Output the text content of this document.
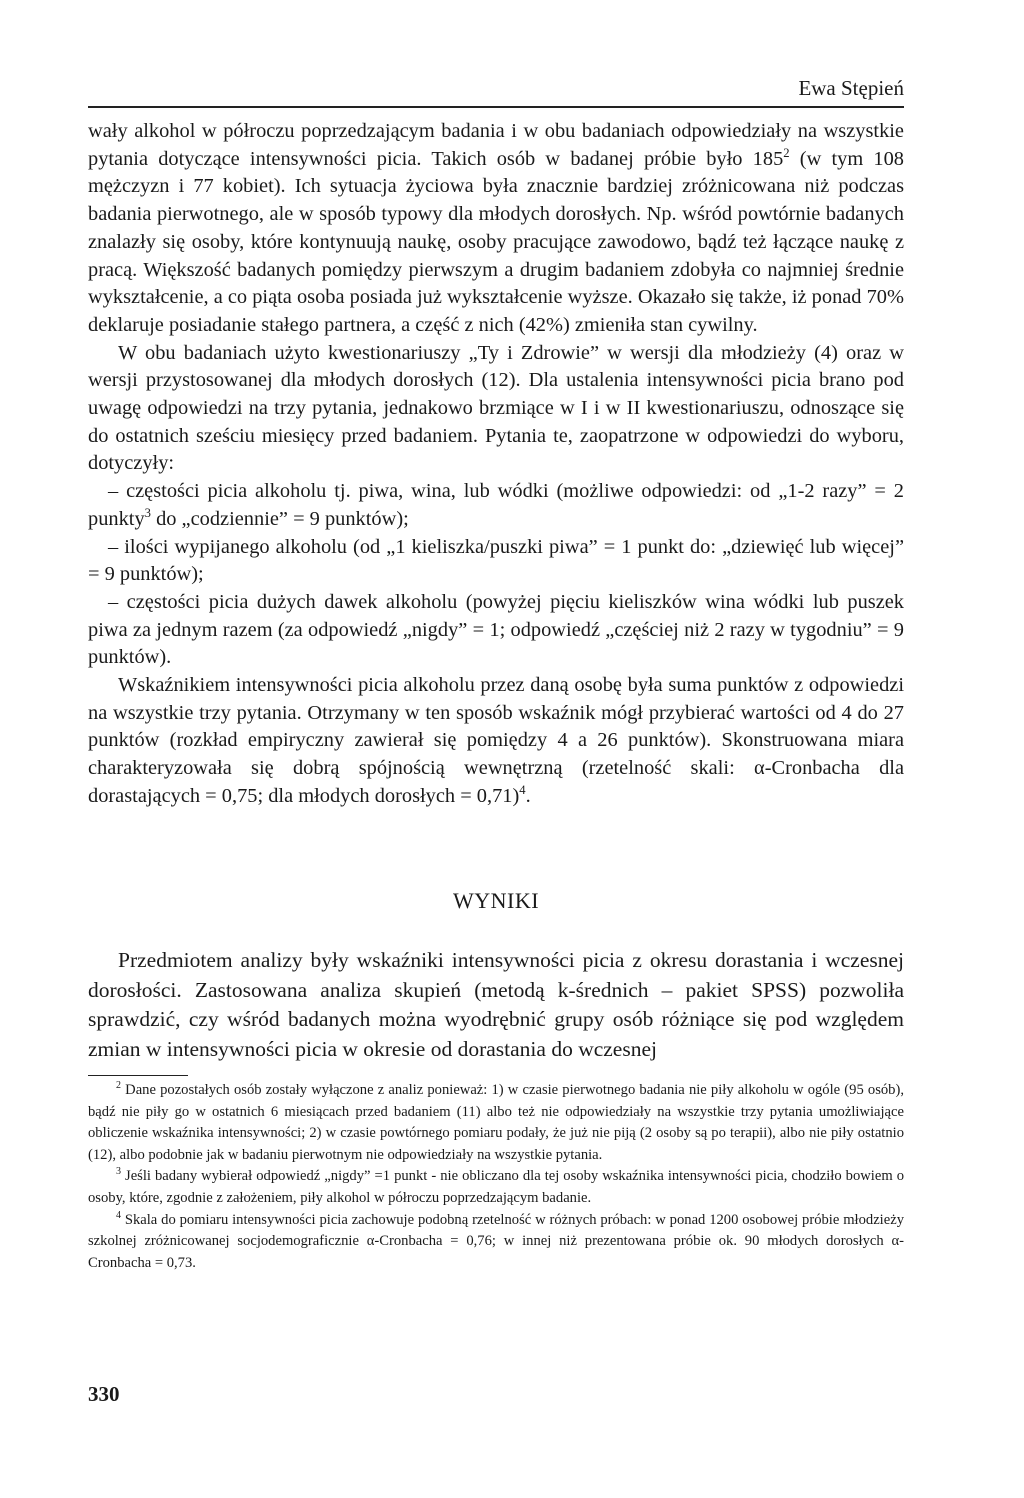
Ewa Stępień

wały alkohol w półroczu poprzedzającym badania i w obu badaniach odpowiedziały na wszystkie pytania dotyczące intensywności picia. Takich osób w badanej próbie było $185^2$ (w tym 108 mężczyzn i 77 kobiet). Ich sytuacja życiowa była znacznie bardziej zróżnicowana niż podczas badania pierwotnego, ale w sposób typowy dla młodych dorosłych. Np. wśród powtórnie badanych znalazły się osoby, które kontynuują naukę, osoby pracujące zawodowo, bądź też łączące naukę z pracą. Większość badanych pomiędzy pierwszym a drugim badaniem zdobyła co najmniej średnie wykształcenie, a co piąta osoba posiada już wykształcenie wyższe. Okazało się także, iż ponad 70% deklaruje posiadanie stałego partnera, a część z nich (42%) zmieniła stan cywilny.

W obu badaniach użyto kwestionariuszy „Ty i Zdrowie” w wersji dla młodzieży (4) oraz w wersji przystosowanej dla młodych dorosłych (12). Dla ustalenia intensywności picia brano pod uwagę odpowiedzi na trzy pytania, jednakowo brzmiące w I i w II kwestionariuszu, odnoszące się do ostatnich sześciu miesięcy przed badaniem. Pytania te, zaopatrzone w odpowiedzi do wyboru, dotyczyły:

– częstości picia alkoholu tj. piwa, wina, lub wódki (możliwe odpowiedzi: od „1-2 razy” = 2 punkty$^3$ do „codziennie” = 9 punktów);

– ilości wypijanego alkoholu (od „1 kieliszka/puszki piwa” = 1 punkt do: „dziewięć lub więcej” = 9 punktów);

– częstości picia dużych dawek alkoholu (powyżej pięciu kieliszków wina wódki lub puszek piwa za jednym razem (za odpowiedź „nigdy” = 1; odpowiedź „częściej niż 2 razy w tygodniu” = 9 punktów).

Wskaźnikiem intensywności picia alkoholu przez daną osobę była suma punktów z odpowiedzi na wszystkie trzy pytania. Otrzymany w ten sposób wskaźnik mógł przybierać wartości od 4 do 27 punktów (rozkład empiryczny zawierał się pomiędzy 4 a 26 punktów). Skonstruowana miara charakteryzowała się dobrą spójnością wewnętrzną (rzetelność skali: α-Cronbacha dla dorastających = 0,75; dla młodych dorosłych = 0,71)$^4$.

WYNIKI

Przedmiotem analizy były wskaźniki intensywności picia z okresu dorastania i wczesnej dorosłości. Zastosowana analiza skupień (metodą k-średnich – pakiet SPSS) pozwoliła sprawdzić, czy wśród badanych można wyodrębnić grupy osób różniące się pod względem zmian w intensywności picia w okresie od dorastania do wczesnej

$^2$ Dane pozostałych osób zostały wyłączone z analiz ponieważ: 1) w czasie pierwotnego badania nie piły alkoholu w ogóle (95 osób), bądź nie piły go w ostatnich 6 miesiącach przed badaniem (11) albo też nie odpowiedziały na wszystkie trzy pytania umożliwiające obliczenie wskaźnika intensywności; 2) w czasie powtórnego pomiaru podały, że już nie piją (2 osoby są po terapii), albo nie piły ostatnio (12), albo podobnie jak w badaniu pierwotnym nie odpowiedziały na wszystkie pytania.

$^3$ Jeśli badany wybierał odpowiedź „nigdy” =1 punkt - nie obliczano dla tej osoby wskaźnika intensywności picia, chodziło bowiem o osoby, które, zgodnie z założeniem, piły alkohol w półroczu poprzedzającym badanie.

$^4$ Skala do pomiaru intensywności picia zachowuje podobną rzetelność w różnych próbach: w ponad 1200 osobowej próbie młodzieży szkolnej zróżnicowanej socjodemograficznie α-Cronbacha = 0,76; w innej niż prezentowana próbie ok. 90 młodych dorosłych α-Cronbacha = 0,73.

330
